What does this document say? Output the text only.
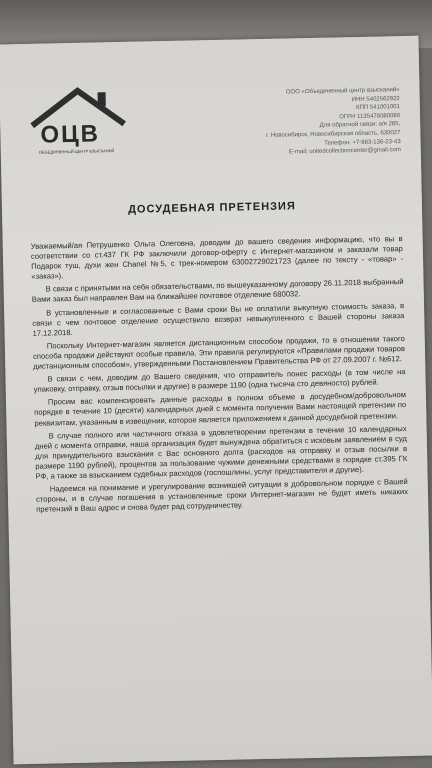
ОЦВ
ОБЪЕДИНЕННЫЙ ЦЕНТР ВЗЫСКАНИЙ
ООО «Объединенный центр взысканий»
ИНН 5402562922
КПП 541001001
ОГРН 1135476080080
Для обратной связи: а/я 285,
г. Новосибирск, Новосибирская область, 630027
Телефон: +7-983-136-23-43
E-mail: unitedcollectioncenter@gmail.com
ДОСУДЕБНАЯ ПРЕТЕНЗИЯ

Уважаемый/ая Петрушенко Ольга Олеговна, доводим до вашего сведения информацию, что вы в соответствии со ст.437 ГК РФ заключили договор-оферту с Интернет-магазином и заказали товар Подарок туш, духи жен Chanel №5, с трек-номером 63002729021723 (далее по тексту - «товар» - «заказ»).

В связи с принятыми на себя обязательствами, по вышеуказанному договору 26.11.2018 выбранный Вами заказ был направлен Вам на ближайшее почтовое отделение 680032.

В установленные и согласованные с Вами сроки Вы не оплатили выкупную стоимость заказа, в связи с чем почтовое отделение осуществило возврат невыкупленного с Вашей стороны заказа 17.12.2018.

Поскольку Интернет-магазин является дистанционным способом продажи, то в отношении такого способа продажи действуют особые правила. Эти правила регулируются «Правилами продажи товаров дистанционным способом», утвержденными Постановлением Правительства РФ от 27.09.2007 г. №612.

В связи с чем, доводим до Вашего сведения, что отправитель понес расходы (в том числе на упаковку, отправку, отзыв посылки и другие) в размере 1190 (одна тысяча сто девяносто) рублей.

Просим вас компенсировать данные расходы в полном объеме в досудебном/добровольном порядке в течение 10 (десяти) календарных дней с момента получения Вами настоящей претензии по реквизитам, указанным в извещении, которое является приложением к данной досудебной претензии.

В случае полного или частичного отказа в удовлетворении претензии в течение 10 календарных дней с момента отправки, наша организация будет вынуждена обратиться с исковым заявлением в суд для принудительного взыскания с Вас основного долга (расходов на отправку и отзыв посылки в размере 1190 рублей), процентов за пользование чужими денежными средствами в порядке ст.395 ГК РФ, а также за взысканием судебных расходов (госпошлины, услуг представителя и другие).

Надеемся на понимание и урегулирование возникшей ситуации в добровольном порядке с Вашей стороны, и в случае погашения в установленные сроки Интернет-магазин не будет иметь никаких претензий в Ваш адрес и снова будет рад сотрудничеству.
